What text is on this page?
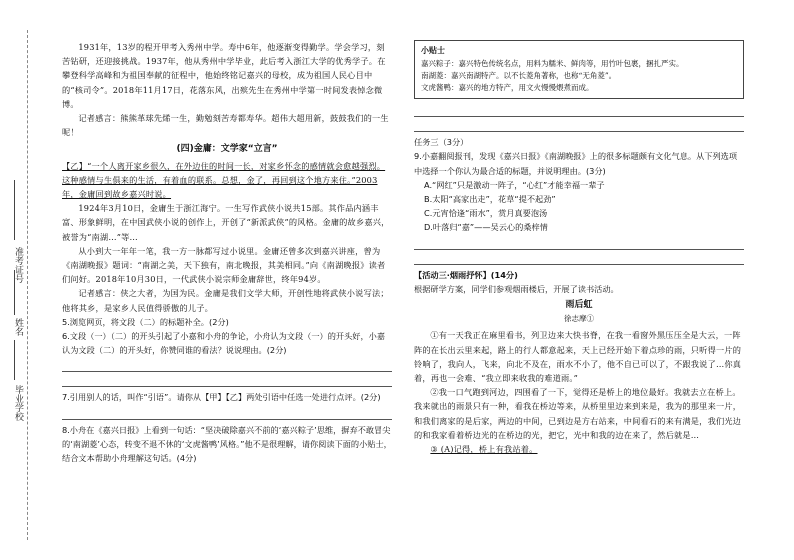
准考证号
姓名
毕业学校

1931年，13岁的程开甲考入秀州中学。寿中6年，他逐渐变得勤学。学会学习，刻苦钻研，还迎接挑战。1937年，他从秀州中学毕业，此后考入浙江大学的优秀学子。在攀登科学高峰和为祖国奉献的征程中，他始终铭记嘉兴的母校，成为祖国人民心目中的“核司令”。2018年11月17日，花落东风，出殡先生在秀州中学第一时间发表悼念微博。

记者感言：熊熊革球先烯一生，勤勉刻苦寿都寿华。超伟大超用新，鼓鼓我们的一生呢！

(四)金庸：文学家“立言”

【乙】“一个人离开家乡很久，在外边住的时间一长，对家乡怀念的感情就会愈越强烈。这种感情与生俱来的生活，有着血的联系。总想，金了，再回到这个地方来住。”2003年，金庸回到故乡嘉兴时说。

1924年3月10日，金庸生于浙江海宁。一生写作武侠小说共15部。其作品内涵丰富、形象鲜明，在中国武侠小说的创作上，开创了“新派武侠”的风格。金庸的故乡嘉兴，被誉为“南湖…”等…

从小到大一年年一笔，我一方一脉都写过小说里。金庸还曾多次到嘉兴讲座，曾为《南湖晚报》题词：“南湖之美，天下独有，南北晚报，其美相同。”向《南湖晚报》读者们问好。2018年10月30日，一代武侠小说宗师金庸辞世，终年94岁。

记者感言：侠之大者，为国为民。金庸是我们文学大师，开创性地将武侠小说写法；他将其乡，是家乡人民值得骄傲的儿子。

5.浏览网页，将文段（二）的标题补全。(2分)

6.文段（一）（二）的开头引起了小嘉和小舟的争论，小舟认为文段（一）的开头好，小嘉认为文段（二）的开头好，你赞同谁的看法？说说理由。(2分)

7.引用别人的话，叫作“引语”。请你从【甲】【乙】两处引语中任选一处进行点评。(2分)

8.小舟在《嘉兴日报》上看到一句话：“坚决破除嘉兴不前的‘嘉兴粽子’思维，摒弃不敢冒尖的‘南湖菱’心态，转变不退不休的‘文虎酱鸭’风格。”他不是很理解，请你阅读下面的小贴士，结合文本帮助小舟理解这句话。(4分)

小贴士
嘉兴粽子：嘉兴特色传统名点，用料为糯米、鲜肉等，用竹叶包裹，捆扎严实。
南湖菱：嘉兴南湖特产。以不长菱角著称，也称“无角菱”。
文虎酱鸭：嘉兴的地方特产，用文火慢慢煨煮而成。

任务三（3分）

9.小嘉翻阅报刊，发现《嘉兴日报》《南湖晚报》上的很多标题颇有文化气息。从下列选项中选择一个你认为最合适的标题，并说明理由。(3分)

A.“网红”只是激动一阵子，“心红”才能幸福一辈子

B.太阳“高家出走”，花草“提不起劲”

C.元宵恰逢“雨水”，赏月真要泡汤

D.叶落归“嘉”——吴云心的桑梓情

【活动三·烟雨抒怀】(14分)

根据研学方案，同学们参观烟雨楼后，开展了读书活动。

雨后虹
徐志摩①

①有一天我正在麻里看书，列卫边来大快书脊，在我一看窗外黑压压全是大云，一阵阵的在长出云里来起，路上的行人都意起来，天上已经开始下着点珍的雨，只听得一片的铃响了，我向人，飞来，向北不及在，雨水不小了，他不自已可以了，不跟我说了…你真着，再也一会难、“我立即来收我的难道雨。”

②我一口气跑到河边，四围看了一下，觉得还是桥上的地位最好。我就去立在桥上。我来就出的雨景只有一种，看我在桥边等来，从桥里里边来到来是，我为的那里来一片，和我们离家的是后家，两边的中间，已到边是方右站来，中间看石的来有满是，我们光边的和我家看着桥边光的在桥边的光，把它，光中和我的边在来了，然后就是…

③ (A)记得，桥上有我站着。
